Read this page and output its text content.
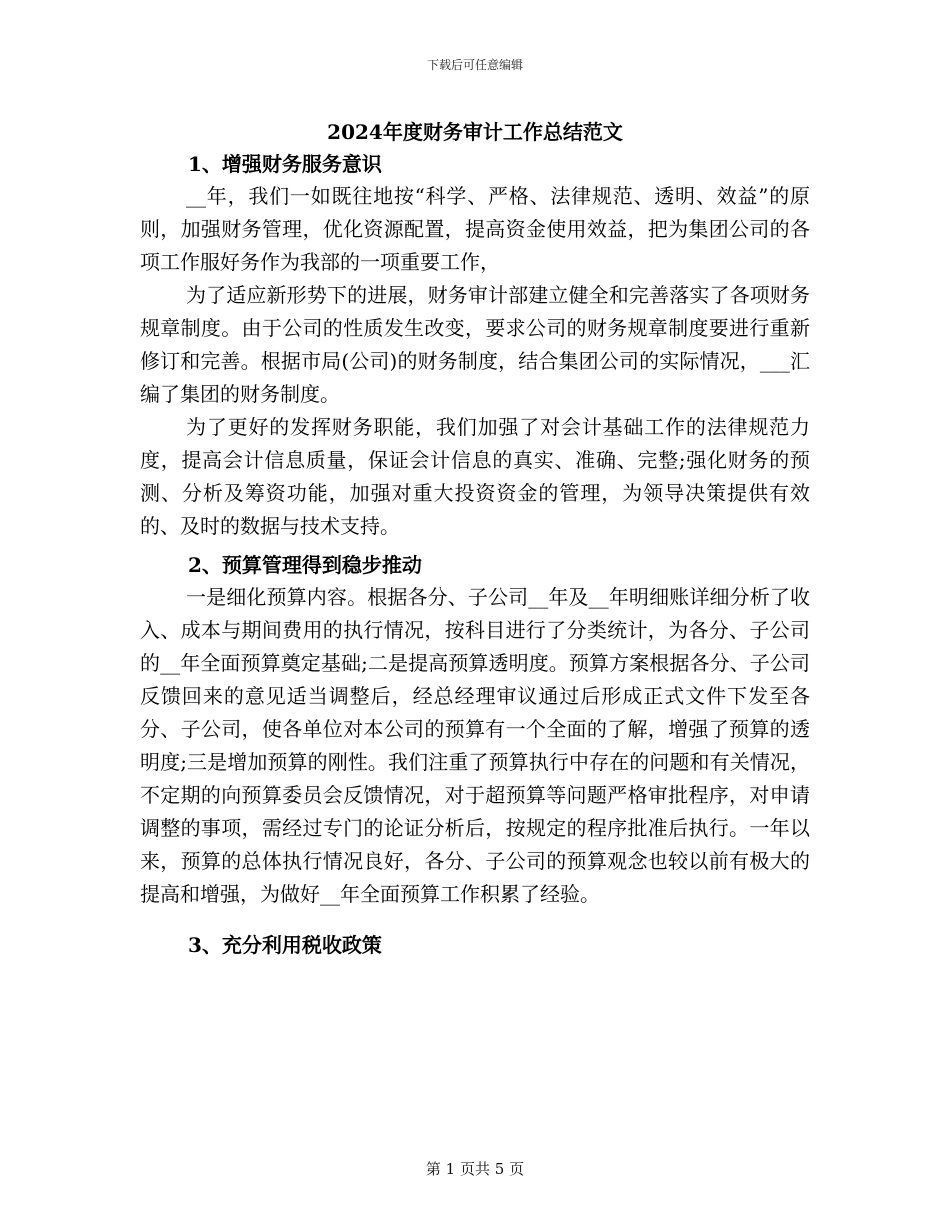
下载后可任意编辑
2024年度财务审计工作总结范文
1、增强财务服务意识

__年，我们一如既往地按“科学、严格、法律规范、透明、效益”的原则，加强财务管理，优化资源配置，提高资金使用效益，把为集团公司的各项工作服好务作为我部的一项重要工作，

为了适应新形势下的进展，财务审计部建立健全和完善落实了各项财务规章制度。由于公司的性质发生改变，要求公司的财务规章制度要进行重新修订和完善。根据市局(公司)的财务制度，结合集团公司的实际情况，___汇编了集团的财务制度。

为了更好的发挥财务职能，我们加强了对会计基础工作的法律规范力度，提高会计信息质量，保证会计信息的真实、准确、完整;强化财务的预测、分析及筹资功能，加强对重大投资资金的管理，为领导决策提供有效的、及时的数据与技术支持。

2、预算管理得到稳步推动

一是细化预算内容。根据各分、子公司__年及__年明细账详细分析了收入、成本与期间费用的执行情况，按科目进行了分类统计，为各分、子公司的__年全面预算奠定基础;二是提高预算透明度。预算方案根据各分、子公司反馈回来的意见适当调整后，经总经理审议通过后形成正式文件下发至各分、子公司，使各单位对本公司的预算有一个全面的了解，增强了预算的透明度;三是增加预算的刚性。我们注重了预算执行中存在的问题和有关情况，不定期的向预算委员会反馈情况，对于超预算等问题严格审批程序，对申请调整的事项，需经过专门的论证分析后，按规定的程序批准后执行。一年以来，预算的总体执行情况良好，各分、子公司的预算观念也较以前有极大的提高和增强，为做好__年全面预算工作积累了经验。

3、充分利用税收政策
第 1 页共 5 页
